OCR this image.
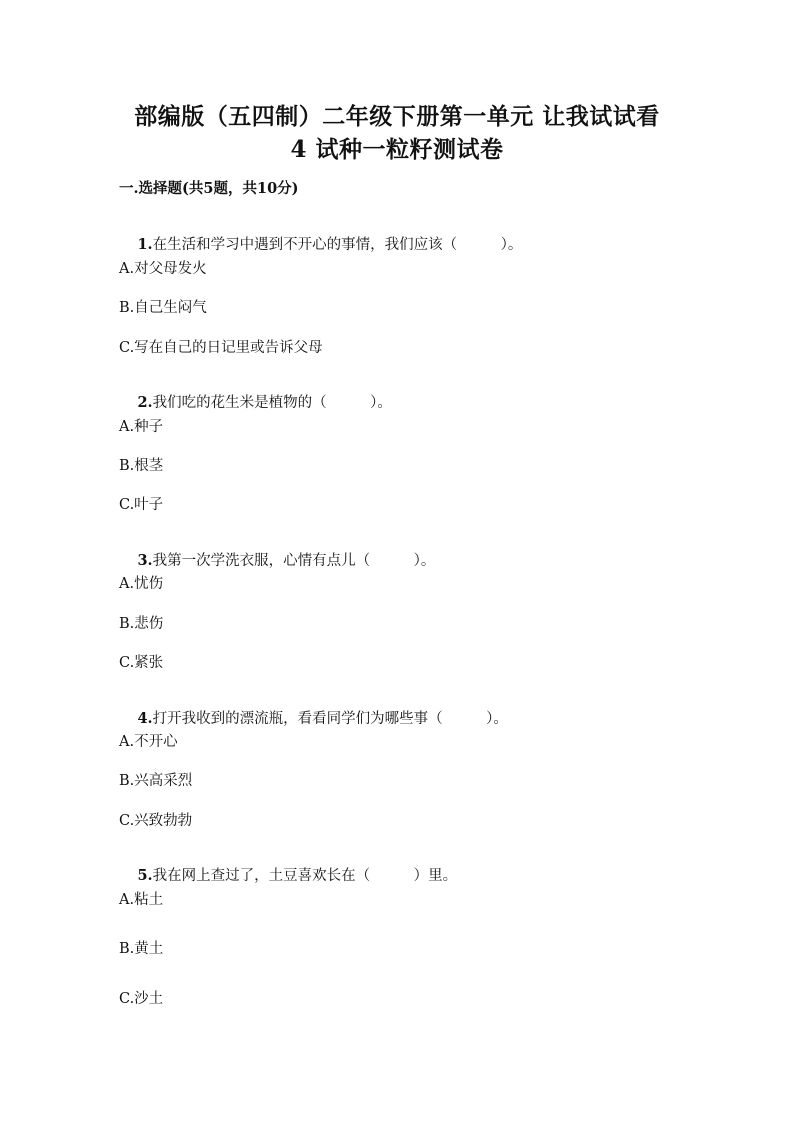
部编版（五四制）二年级下册第一单元 让我试试看
4 试种一粒籽测试卷
一.选择题(共5题，共10分)

1.在生活和学习中遇到不开心的事情，我们应该（　　　）。

A.对父母发火
B.自己生闷气
C.写在自己的日记里或告诉父母

2.我们吃的花生米是植物的（　　　）。

A.种子
B.根茎
C.叶子

3.我第一次学洗衣服，心情有点儿（　　　）。

A.忧伤
B.悲伤
C.紧张

4.打开我收到的漂流瓶，看看同学们为哪些事（　　　）。

A.不开心
B.兴高采烈
C.兴致勃勃

5.我在网上查过了，土豆喜欢长在（　　　）里。

A.粘土
B.黄土
C.沙土
